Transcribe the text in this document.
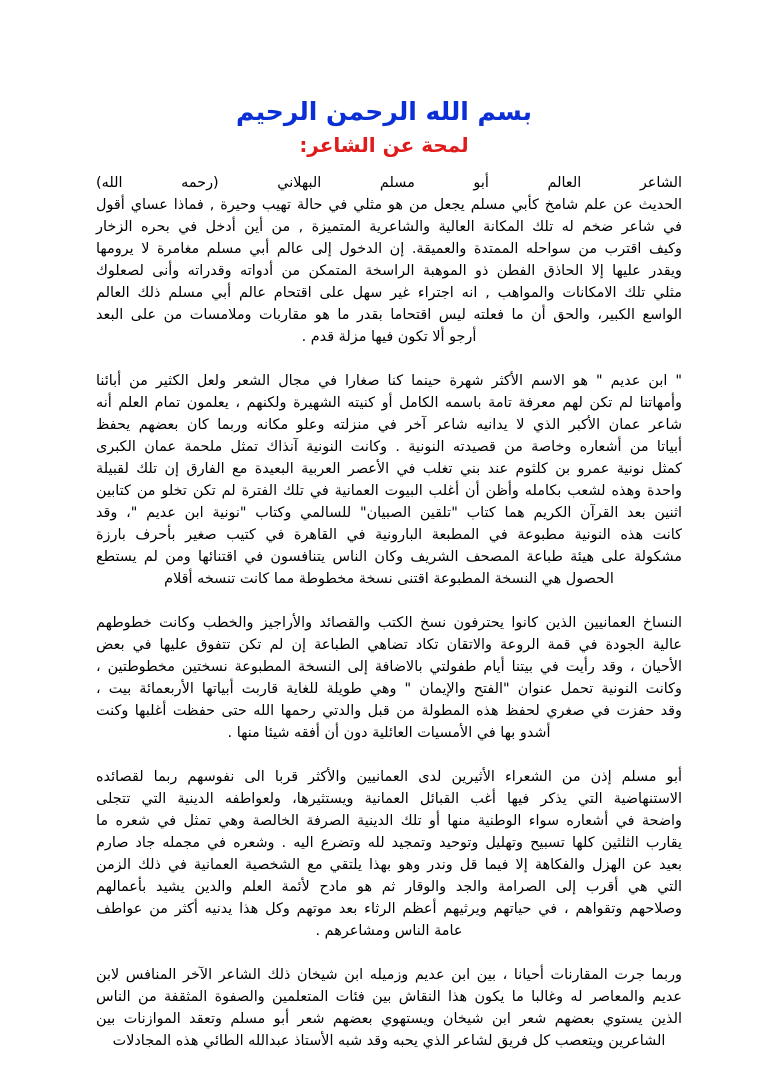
بسم الله الرحمن الرحيم
لمحة عن الشاعر:
الشاعر العالم أبو مسلم البهلاني (رحمه الله)
الحديث عن علم شامخ كأبي مسلم يجعل من هو مثلي في حالة تهيب وحيرة , فماذا عساي أقول
في شاعر ضخم له تلك المكانة العالية والشاعرية المتميزة , من أين أدخل في بحره الزخار
وكيف اقترب من سواحله الممتدة والعميقة. إن الدخول إلى عالم أبي مسلم مغامرة لا يرومها
ويقدر عليها إلا الحاذق الفطن ذو الموهبة الراسخة المتمكن من أدواته وقدراته وأنى لصعلوك
مثلي تلك الامكانات والمواهب , انه اجتراء غير سهل على اقتحام عالم أبي مسلم ذلك العالم
الواسع الكبير، والحق أن ما فعلته ليس اقتحاما بقدر ما هو مقاربات وملامسات من على البعد
أرجو ألا تكون فيها مزلة قدم .
" ابن عديم " هو الاسم الأكثر شهرة حينما كنا صغارا في مجال الشعر ولعل الكثير من أبائنا
وأمهاتنا لم تكن لهم معرفة تامة باسمه الكامل أو كنيته الشهيرة ولكنهم ، يعلمون تمام العلم أنه
شاعر عمان الأكبر الذي لا يدانيه شاعر آخر في منزلته وعلو مكانه وربما كان بعضهم يحفظ
أبياتا من أشعاره وخاصة من قصيدته النونية . وكانت النونية آنذاك تمثل ملحمة عمان الكبرى
كمثل نونية عمرو بن كلثوم عند بني تغلب في الأعصر العربية البعيدة مع الفارق إن تلك لقبيلة
واحدة وهذه لشعب بكامله وأظن أن أغلب البيوت العمانية في تلك الفترة لم تكن تخلو من كتابين
اثنين بعد القرآن الكريم هما كتاب "تلقين الصبيان" للسالمي وكتاب "نونية ابن عديم "، وقد
كانت هذه النونية مطبوعة في المطبعة البارونية في القاهرة في كتيب صغير بأحرف بارزة
مشكولة على هيئة طباعة المصحف الشريف وكان الناس يتنافسون في اقتنائها ومن لم يستطع
الحصول هي النسخة المطبوعة اقتنى نسخة مخطوطة مما كانت تنسخه أقلام
النساخ العمانيين الذين كانوا يحترفون نسخ الكتب والقصائد والأراجيز والخطب وكانت خطوطهم
عالية الجودة في قمة الروعة والاتقان تكاد تضاهي الطباعة إن لم تكن تتفوق عليها في بعض
الأحيان ، وقد رأيت في بيتنا أيام طفولتي بالاضافة إلى النسخة المطبوعة نسختين مخطوطتين ،
وكانت النونية تحمل عنوان "الفتح والإيمان " وهي طويلة للغاية قاربت أبياتها الأربعمائة بيت ،
وقد حفزت في صغري لحفظ هذه المطولة من قبل والدتي رحمها الله حتى حفظت أغلبها وكنت
أشدو بها في الأمسيات العائلية دون أن أفقه شيئا منها .
أبو مسلم إذن من الشعراء الأثيرين لدى العمانيين والأكثر قربا الى نفوسهم ربما لقصائده
الاستنهاضية التي يذكر فيها أغب القبائل العمانية ويستثيرها، ولعواطفه الدينية التي تتجلى
واضحة في أشعاره سواء الوطنية منها أو تلك الدينية الصرفة الخالصة وهي تمثل في شعره ما
يقارب الثلثين كلها تسبيح وتهليل وتوحيد وتمجيد لله وتضرع اليه . وشعره في مجمله جاد صارم
بعيد عن الهزل والفكاهة إلا فيما قل وندر وهو بهذا يلتقي مع الشخصية العمانية في ذلك الزمن
التي هي أقرب إلى الصرامة والجد والوقار ثم هو مادح لأئمة العلم والدين يشيد بأعمالهم
وصلاحهم وتقواهم ، في حياتهم ويرثيهم أعظم الرثاء بعد موتهم وكل هذا يدنيه أكثر من عواطف
عامة الناس ومشاعرهم .
وربما جرت المقارنات أحيانا ، بين ابن عديم وزميله ابن شيخان ذلك الشاعر الآخر المنافس لابن
عديم والمعاصر له وغالبا ما يكون هذا النقاش بين فئات المتعلمين والصفوة المثقفة من الناس
الذين يستوي بعضهم شعر ابن شيخان ويستهوي بعضهم شعر أبو مسلم وتعقد الموازنات بين
الشاعرين ويتعصب كل فريق لشاعر الذي يحبه وقد شبه الأستاذ عبدالله الطائي هذه المجادلات
